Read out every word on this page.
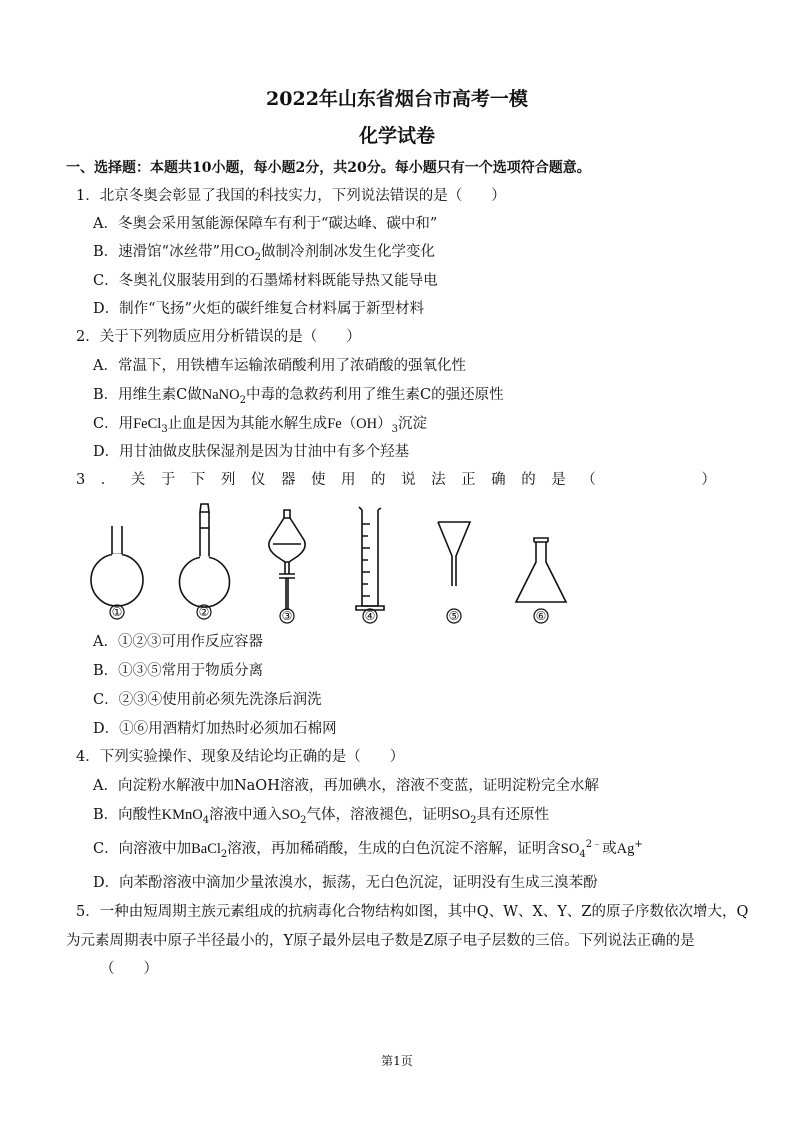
2022年山东省烟台市高考一模
化学试卷
一、选择题：本题共10小题，每小题2分，共20分。每小题只有一个选项符合题意。
1．北京冬奥会彰显了我国的科技实力，下列说法错误的是（　　）
A．冬奥会采用氢能源保障车有利于“碳达峰、碳中和”
B．速滑馆“冰丝带”用$CO_2$做制冷剂制冰发生化学变化
C．冬奥礼仪服装用到的石墨烯材料既能导热又能导电
D．制作“飞扬”火炬的碳纤维复合材料属于新型材料
2．关于下列物质应用分析错误的是（　　）
A．常温下，用铁槽车运输浓硝酸利用了浓硝酸的强氧化性
B．用维生素C做NaNO$_2$中毒的急救药利用了维生素C的强还原性
C．用FeCl$_3$止血是因为其能水解生成$Fe(OH)_3$沉淀
D．用甘油做皮肤保湿剂是因为甘油中有多个羟基
3 ． 关 于 下 列 仪 器 使 用 的 说 法 正 确 的 是 （

　	）
①	②	③	④	⑤	⑥
A．①②③可用作反应容器
B．①③⑤常用于物质分离
C．②③④使用前必须先洗涤后润洗
D．①⑥用酒精灯加热时必须加石棉网
4．下列实验操作、现象及结论均正确的是（　　）
A．向淀粉水解液中加NaOH溶液，再加碘水，溶液不变蓝，证明淀粉完全水解
B．向酸性KMnO$_4$溶液中通入$SO_2$气体，溶液褪色，证明$SO_2$具有还原性
C．向溶液中加BaCl$_2$溶液，再加稀硝酸，生成的白色沉淀不溶解，证明含$SO_4^{2﹣}$或Ag+
D．向苯酚溶液中滴加少量浓溴水，振荡，无白色沉淀，证明没有生成三溴苯酚
5．一种由短周期主族元素组成的抗病毒化合物结构如图，其中Q、W、X、Y、Z的原子序数依次增大，Q
为元素周期表中原子半径最小的，Y原子最外层电子数是Z原子电子层数的三倍。下列说法正确的是
（　　）
第1页
